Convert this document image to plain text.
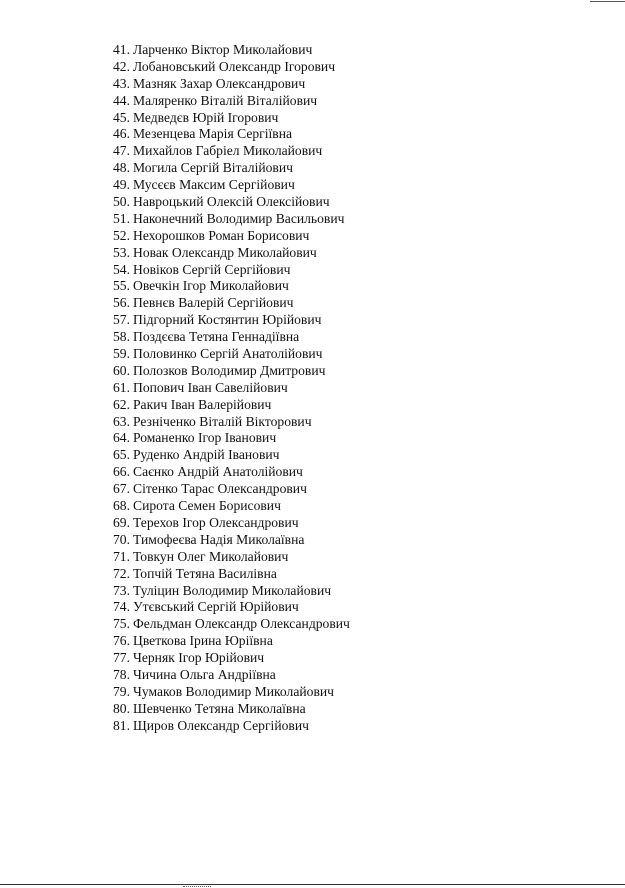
41. Ларченко Віктор Миколайович
42. Лобановський Олександр Ігорович
43. Мазняк Захар Олександрович
44. Маляренко Віталій Віталійович
45. Медведєв Юрій Ігорович
46. Мезенцева Марія Сергіївна
47. Михайлов Габріел Миколайович
48. Могила Сергій Віталійович
49. Мусєєв Максим Сергійович
50. Навроцький Олексій Олексійович
51. Наконечний Володимир Васильович
52. Нехорошков Роман Борисович
53. Новак Олександр Миколайович
54. Новіков Сергій Сергійович
55. Овечкін Ігор Миколайович
56. Певнєв Валерій Сергійович
57. Підгорний Костянтин Юрійович
58. Поздєєва Тетяна Геннадіївна
59. Половинко Сергій Анатолійович
60. Полозков Володимир Дмитрович
61. Попович Іван Савелійович
62. Ракич Іван Валерійович
63. Резніченко Віталій Вікторович
64. Романенко Ігор Іванович
65. Руденко Андрій Іванович
66. Саєнко Андрій Анатолійович
67. Сітенко Тарас Олександрович
68. Сирота Семен Борисович
69. Терехов Ігор Олександрович
70. Тимофеєва Надія Миколаївна
71. Товкун Олег Миколайович
72. Топчій Тетяна Василівна
73. Туліцин Володимир Миколайович
74. Утєвський Сергій Юрійович
75. Фельдман Олександр Олександрович
76. Цветкова Ірина Юріївна
77. Черняк Ігор Юрійович
78. Чичина Ольга Андріївна
79. Чумаков Володимир Миколайович
80. Шевченко Тетяна Миколаївна
81. Щиров Олександр Сергійович
